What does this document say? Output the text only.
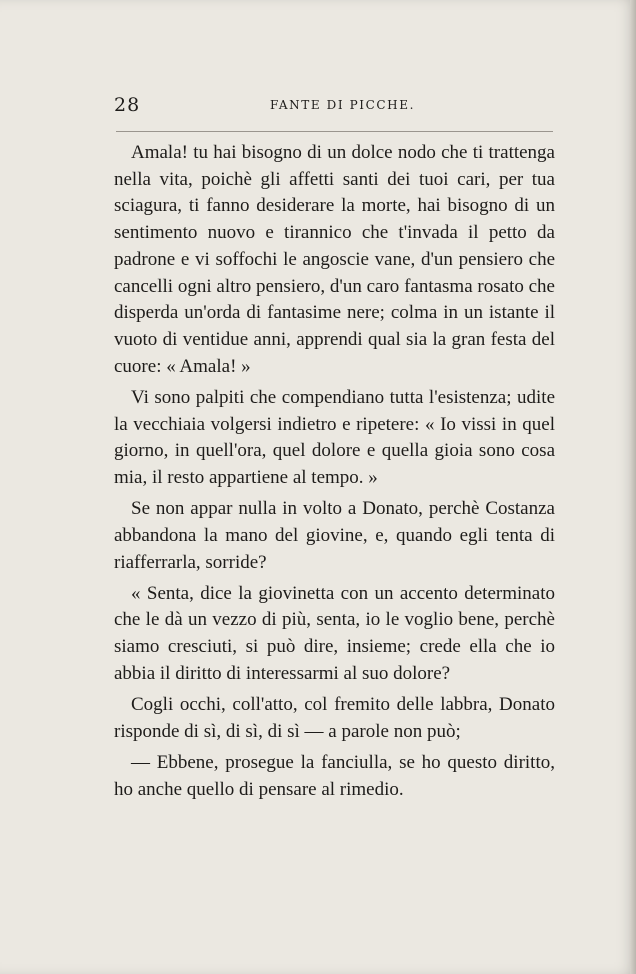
28	FANTE DI PICCHE.

Amala! tu hai bisogno di un dolce nodo che ti trattenga nella vita, poichè gli affetti santi dei tuoi cari, per tua sciagura, ti fanno desiderare la morte, hai bisogno di un sentimento nuovo e tirannico che t'invada il petto da padrone e vi soffochi le angoscie vane, d'un pensiero che cancelli ogni altro pensiero, d'un caro fantasma rosato che disperda un'orda di fantasime nere; colma in un istante il vuoto di ventidue anni, apprendi qual sia la gran festa del cuore: « Amala! »

Vi sono palpiti che compendiano tutta l'esistenza; udite la vecchiaia volgersi indietro e ripetere: « Io vissi in quel giorno, in quell'ora, quel dolore e quella gioia sono cosa mia, il resto appartiene al tempo. »

Se non appar nulla in volto a Donato, perchè Costanza abbandona la mano del giovine, e, quando egli tenta di riafferrarla, sorride?

« Senta, dice la giovinetta con un accento determinato che le dà un vezzo di più, senta, io le voglio bene, perchè siamo cresciuti, si può dire, insieme; crede ella che io abbia il diritto di interessarmi al suo dolore?

Cogli occhi, coll'atto, col fremito delle labbra, Donato risponde di sì, di sì, di sì — a parole non può;

— Ebbene, prosegue la fanciulla, se ho questo diritto, ho anche quello di pensare al rimedio.
